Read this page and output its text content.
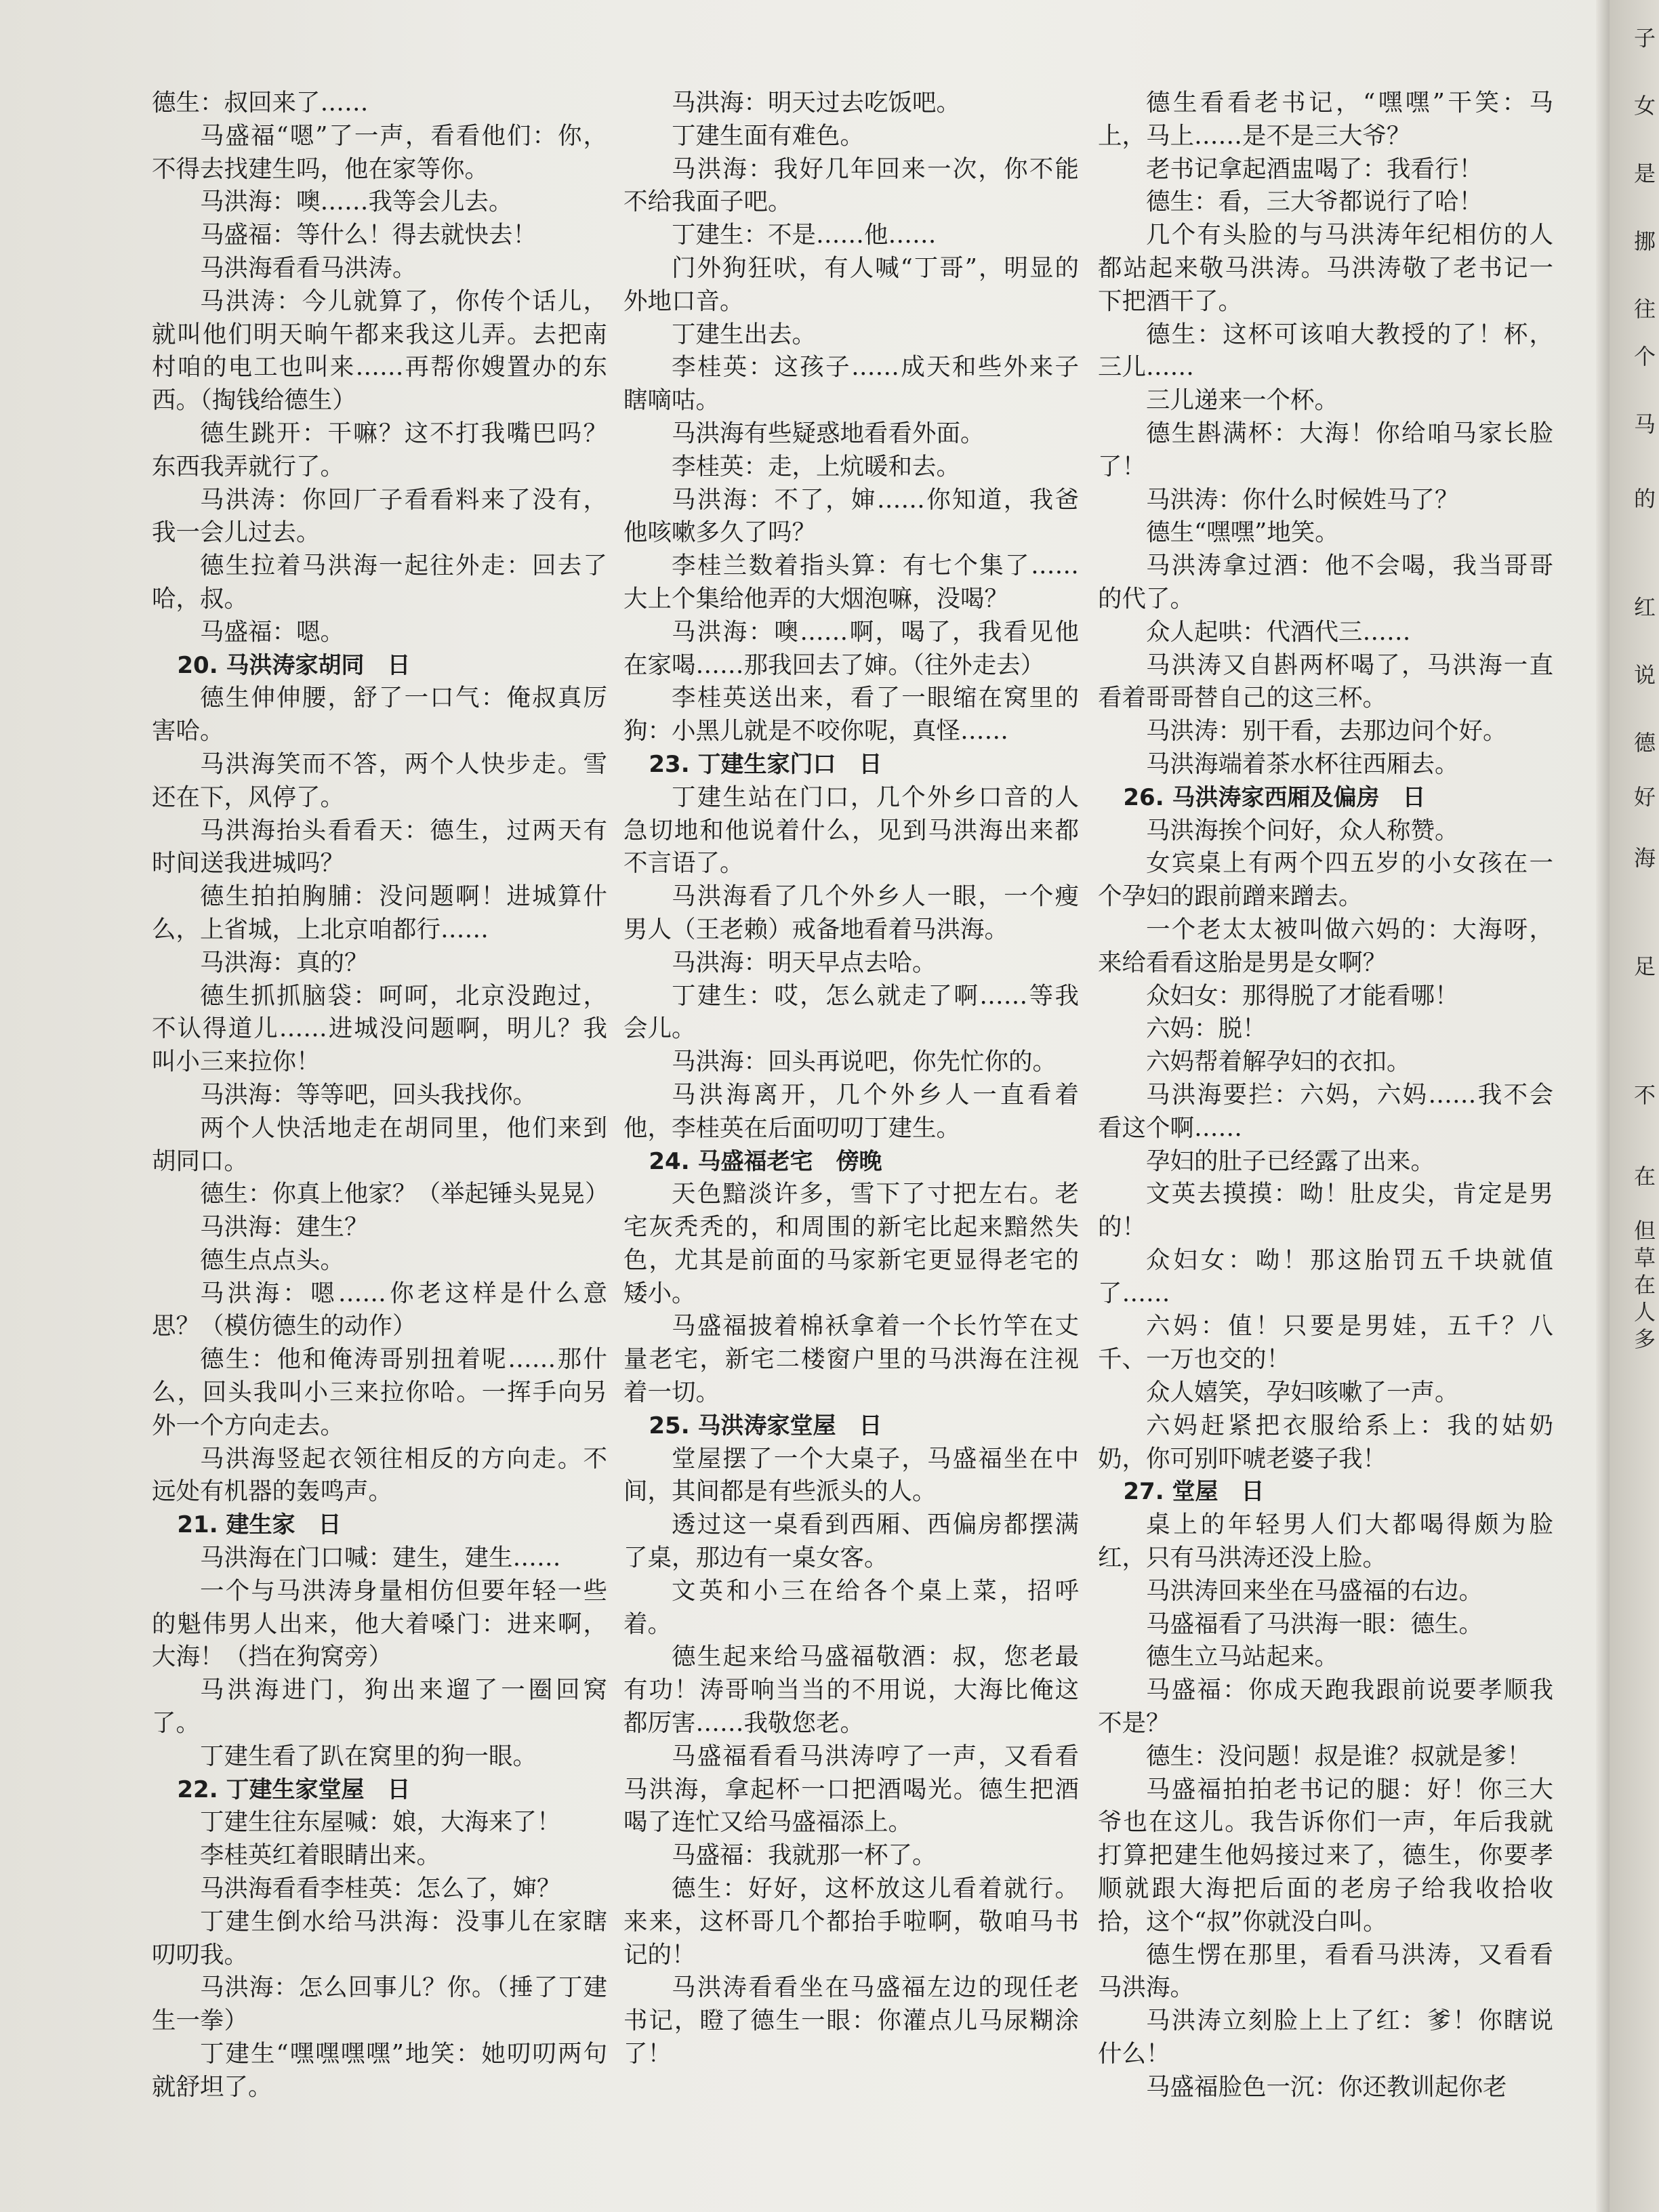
德生：叔回来了……

马盛福“嗯”了一声，看看他们：你，不得去找建生吗，他在家等你。

马洪海：噢……我等会儿去。

马盛福：等什么！得去就快去！

马洪海看看马洪涛。

马洪涛：今儿就算了，你传个话儿，就叫他们明天晌午都来我这儿弄。去把南村咱的电工也叫来……再帮你嫂置办的东西。（掏钱给德生）

德生跳开：干嘛？这不打我嘴巴吗？东西我弄就行了。

马洪涛：你回厂子看看料来了没有，我一会儿过去。

德生拉着马洪海一起往外走：回去了哈，叔。

马盛福：嗯。

20. 马洪涛家胡同　日

德生伸伸腰，舒了一口气：俺叔真厉害哈。

马洪海笑而不答，两个人快步走。雪还在下，风停了。

马洪海抬头看看天：德生，过两天有时间送我进城吗？

德生拍拍胸脯：没问题啊！进城算什么，上省城，上北京咱都行……

马洪海：真的？

德生抓抓脑袋：呵呵，北京没跑过，不认得道儿……进城没问题啊，明儿？我叫小三来拉你！

马洪海：等等吧，回头我找你。

两个人快活地走在胡同里，他们来到胡同口。

德生：你真上他家？（举起锤头晃晃）

马洪海：建生？

德生点点头。

马洪海：嗯……你老这样是什么意思？（模仿德生的动作）

德生：他和俺涛哥别扭着呢……那什么，回头我叫小三来拉你哈。一挥手向另外一个方向走去。

马洪海竖起衣领往相反的方向走。不远处有机器的轰鸣声。

21. 建生家　日

马洪海在门口喊：建生，建生……

一个与马洪涛身量相仿但要年轻一些的魁伟男人出来，他大着嗓门：进来啊，大海！（挡在狗窝旁）

马洪海进门，狗出来遛了一圈回窝了。

丁建生看了趴在窝里的狗一眼。

22. 丁建生家堂屋　日

丁建生往东屋喊：娘，大海来了！

李桂英红着眼睛出来。

马洪海看看李桂英：怎么了，婶？

丁建生倒水给马洪海：没事儿在家瞎叨叨我。

马洪海：怎么回事儿？你。（捶了丁建生一拳）

丁建生“嘿嘿嘿嘿”地笑：她叨叨两句就舒坦了。

马洪海：明天过去吃饭吧。

丁建生面有难色。

马洪海：我好几年回来一次，你不能不给我面子吧。

丁建生：不是……他……

门外狗狂吠，有人喊“丁哥”，明显的外地口音。

丁建生出去。

李桂英：这孩子……成天和些外来子瞎嘀咕。

马洪海有些疑惑地看看外面。

李桂英：走，上炕暖和去。

马洪海：不了，婶……你知道，我爸他咳嗽多久了吗？

李桂兰数着指头算：有七个集了……大上个集给他弄的大烟泡嘛，没喝？

马洪海：噢……啊，喝了，我看见他在家喝……那我回去了婶。（往外走去）

李桂英送出来，看了一眼缩在窝里的狗：小黑儿就是不咬你呢，真怪……

23. 丁建生家门口　日

丁建生站在门口，几个外乡口音的人急切地和他说着什么，见到马洪海出来都不言语了。

马洪海看了几个外乡人一眼，一个瘦男人（王老赖）戒备地看着马洪海。

马洪海：明天早点去哈。

丁建生：哎，怎么就走了啊……等我会儿。

马洪海：回头再说吧，你先忙你的。

马洪海离开，几个外乡人一直看着他，李桂英在后面叨叨丁建生。

24. 马盛福老宅　傍晚

天色黯淡许多，雪下了寸把左右。老宅灰秃秃的，和周围的新宅比起来黯然失色，尤其是前面的马家新宅更显得老宅的矮小。

马盛福披着棉袄拿着一个长竹竿在丈量老宅，新宅二楼窗户里的马洪海在注视着一切。

25. 马洪涛家堂屋　日

堂屋摆了一个大桌子，马盛福坐在中间，其间都是有些派头的人。

透过这一桌看到西厢、西偏房都摆满了桌，那边有一桌女客。

文英和小三在给各个桌上菜，招呼着。

德生起来给马盛福敬酒：叔，您老最有功！涛哥响当当的不用说，大海比俺这都厉害……我敬您老。

马盛福看看马洪涛哼了一声，又看看马洪海，拿起杯一口把酒喝光。德生把酒喝了连忙又给马盛福添上。

马盛福：我就那一杯了。

德生：好好，这杯放这儿看着就行。来来，这杯哥几个都抬手啦啊，敬咱马书记的！

马洪涛看看坐在马盛福左边的现任老书记，瞪了德生一眼：你灌点儿马尿糊涂了！

德生看看老书记，“嘿嘿”干笑：马上，马上……是不是三大爷？

老书记拿起酒盅喝了：我看行！

德生：看，三大爷都说行了哈！

几个有头脸的与马洪涛年纪相仿的人都站起来敬马洪涛。马洪涛敬了老书记一下把酒干了。

德生：这杯可该咱大教授的了！杯，三儿……

三儿递来一个杯。

德生斟满杯：大海！你给咱马家长脸了！

马洪涛：你什么时候姓马了？

德生“嘿嘿”地笑。

马洪涛拿过酒：他不会喝，我当哥哥的代了。

众人起哄：代酒代三……

马洪涛又自斟两杯喝了，马洪海一直看着哥哥替自己的这三杯。

马洪涛：别干看，去那边问个好。

马洪海端着茶水杯往西厢去。

26. 马洪涛家西厢及偏房　日

马洪海挨个问好，众人称赞。

女宾桌上有两个四五岁的小女孩在一个孕妇的跟前蹭来蹭去。

一个老太太被叫做六妈的：大海呀，来给看看这胎是男是女啊？

众妇女：那得脱了才能看哪！

六妈：脱！

六妈帮着解孕妇的衣扣。

马洪海要拦：六妈，六妈……我不会看这个啊……

孕妇的肚子已经露了出来。

文英去摸摸：呦！肚皮尖，肯定是男的！

众妇女：呦！那这胎罚五千块就值了……

六妈：值！只要是男娃，五千？八千、一万也交的！

众人嬉笑，孕妇咳嗽了一声。

六妈赶紧把衣服给系上：我的姑奶奶，你可别吓唬老婆子我！

27. 堂屋　日

桌上的年轻男人们大都喝得颇为脸红，只有马洪涛还没上脸。

马洪涛回来坐在马盛福的右边。

马盛福看了马洪海一眼：德生。

德生立马站起来。

马盛福：你成天跑我跟前说要孝顺我不是？

德生：没问题！叔是谁？叔就是爹！

马盛福拍拍老书记的腿：好！你三大爷也在这儿。我告诉你们一声，年后我就打算把建生他妈接过来了，德生，你要孝顺就跟大海把后面的老房子给我收拾收拾，这个“叔”你就没白叫。

德生愣在那里，看看马洪涛，又看看马洪海。

马洪涛立刻脸上上了红：爹！你瞎说什么！

马盛福脸色一沉：你还教训起你老

子
女
是
挪
往
个
马
的
红
说
德
好
海
足
不
在
但
草
在
人
多
